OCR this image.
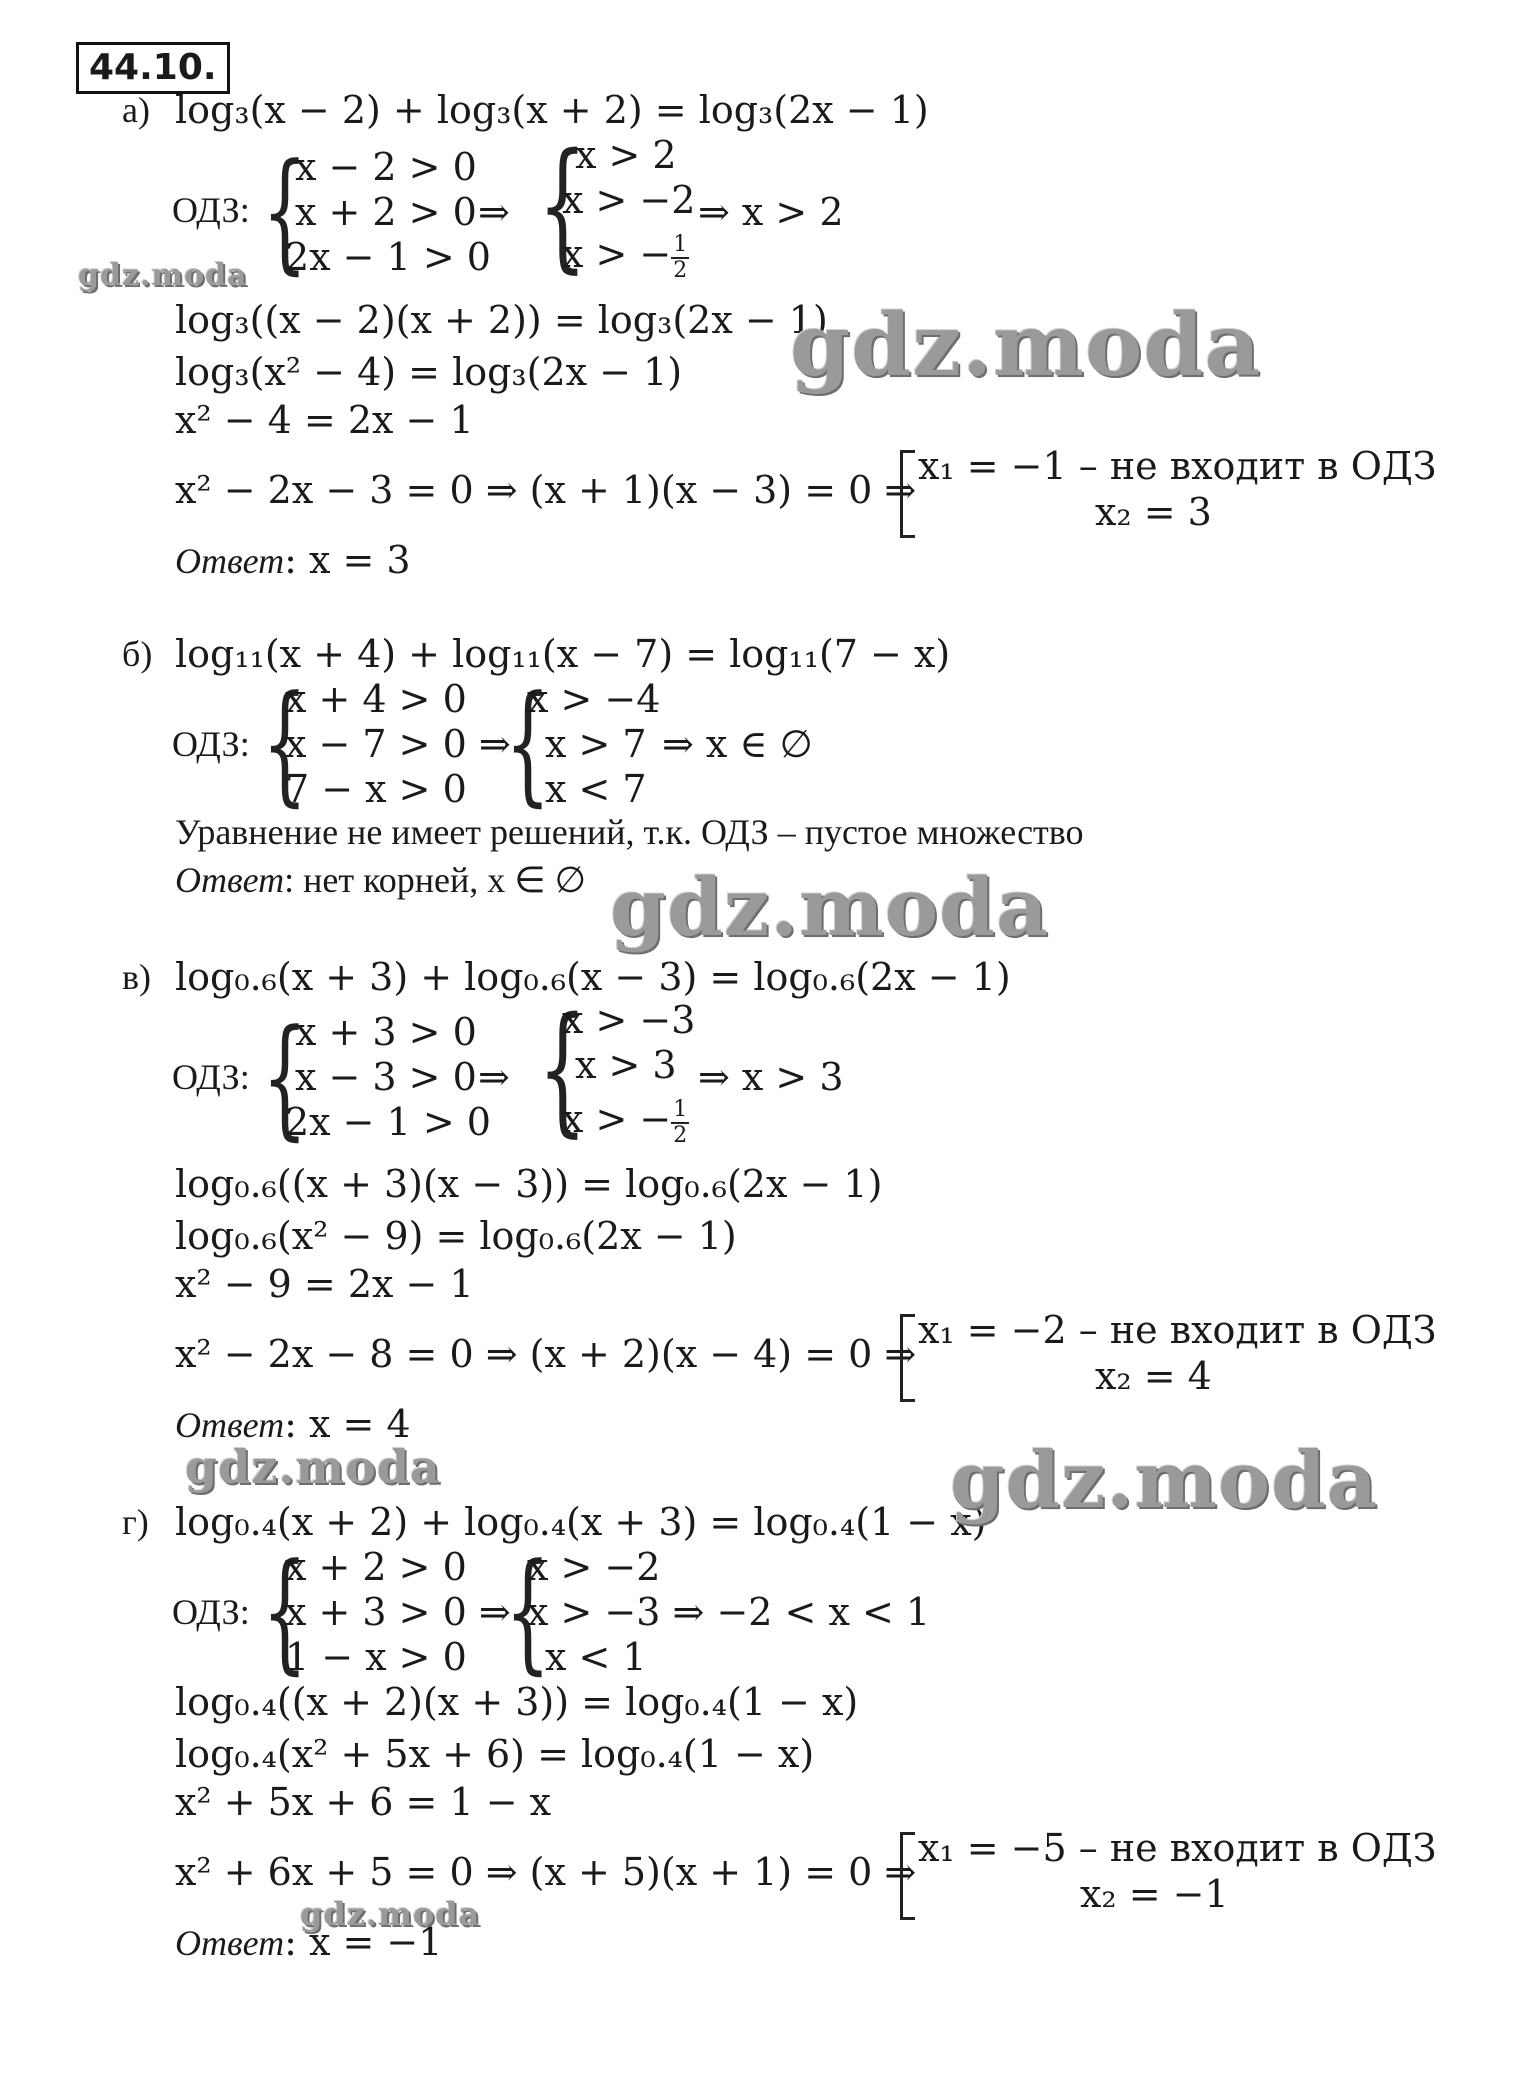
44.10.
а) log₃(x − 2) + log₃(x + 2) = log₃(2x − 1)
ОДЗ: {
x − 2 > 0
x + 2 > 0
2x − 1 > 0
⇒ {
x > 2
x > −2
x > − $\frac{1}{2}$
⇒ x > 2
log₃((x − 2)(x + 2)) = log₃(2x − 1)
log₃(x² − 4) = log₃(2x − 1)
x² − 4 = 2x − 1
x² − 2x − 3 = 0 ⇒ (x + 1)(x − 3) = 0 ⇒
x₁ = −1 – не входит в ОДЗ
x₂ = 3
Ответ: x = 3
б) log₁₁(x + 4) + log₁₁(x − 7) = log₁₁(7 − x)
ОДЗ: {
x + 4 > 0
x − 7 > 0 ⇒
7 − x > 0 {
x > −4
x > 7
x < 7
⇒ x ∈ ∅
Уравнение не имеет решений, т.к. ОДЗ – пустое множество
Ответ: нет корней, x ∈ ∅
в) log₀.₆(x + 3) + log₀.₆(x − 3) = log₀.₆(2x − 1)
ОДЗ: {
x + 3 > 0
x − 3 > 0
2x − 1 > 0
⇒ {
x > −3
x > 3
x > − $\frac{1}{2}$
⇒ x > 3
log₀.₆((x + 3)(x − 3)) = log₀.₆(2x − 1)
log₀.₆(x² − 9) = log₀.₆(2x − 1)
x² − 9 = 2x − 1
x² − 2x − 8 = 0 ⇒ (x + 2)(x − 4) = 0 ⇒
x₁ = −2 – не входит в ОДЗ
x₂ = 4
Ответ: x = 4
г) log₀.₄(x + 2) + log₀.₄(x + 3) = log₀.₄(1 − x)
ОДЗ: {
x + 2 > 0
x + 3 > 0 ⇒
1 − x > 0 {
x > −2
x > −3 ⇒ −2 < x < 1
x < 1
log₀.₄((x + 2)(x + 3)) = log₀.₄(1 − x)
log₀.₄(x² + 5x + 6) = log₀.₄(1 − x)
x² + 5x + 6 = 1 − x
x² + 6x + 5 = 0 ⇒ (x + 5)(x + 1) = 0 ⇒
x₁ = −5 – не входит в ОДЗ
x₂ = −1
Ответ: x = −1
gdz.moda
gdz.moda
gdz.moda
gdz.moda	gdz.moda
gdz.moda
